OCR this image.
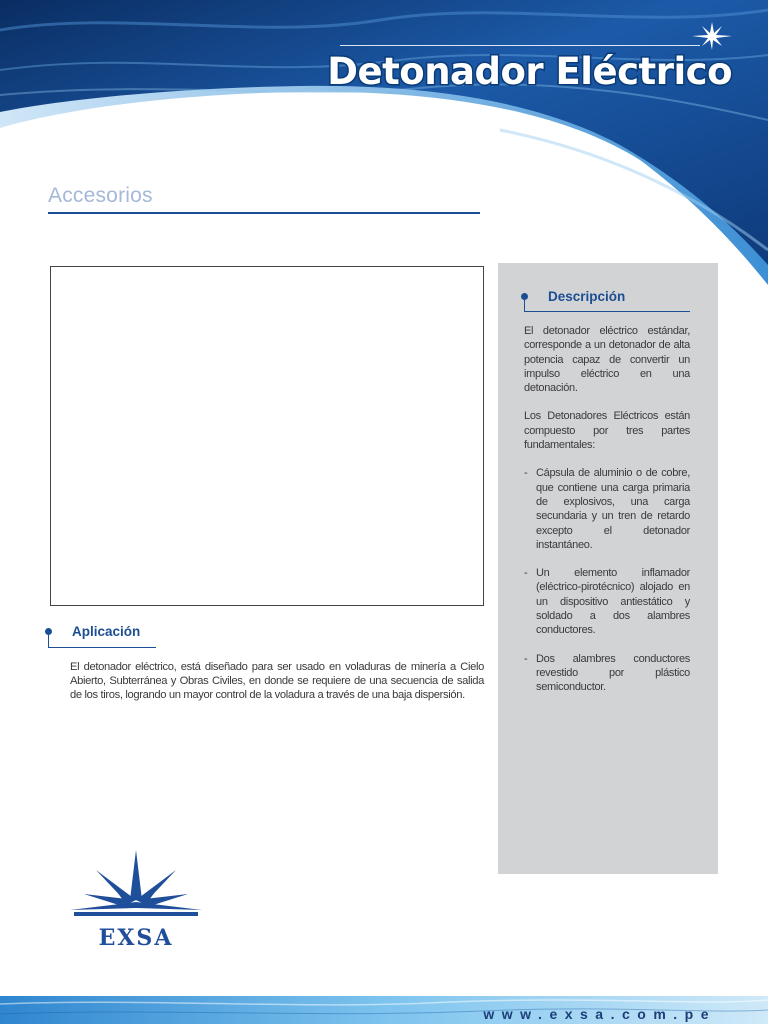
Detonador Eléctrico
Accesorios
Aplicación
El detonador eléctrico, está diseñado para ser usado en voladuras de minería a Cielo Abierto, Subterránea y Obras Civiles, en donde se requiere de una secuencia de salida de los tiros, logrando un mayor control de la voladura a través de una baja dispersión.
Descripción

El detonador eléctrico estándar, corresponde a un detonador de alta potencia capaz de convertir un impulso eléctrico en una detonación.

Los Detonadores Eléctricos están compuesto por tres partes fundamentales:

- Cápsula de aluminio o de cobre, que contiene una carga primaria de explosivos, una carga secundaria y un tren de retardo excepto el detonador instantáneo.
- Un elemento inflamador (eléctrico-pirotécnico) alojado en un dispositivo antiestático y soldado a dos alambres conductores.
- Dos alambres conductores revestido por plástico semiconductor.
EXSA
www.exsa.com.pe
